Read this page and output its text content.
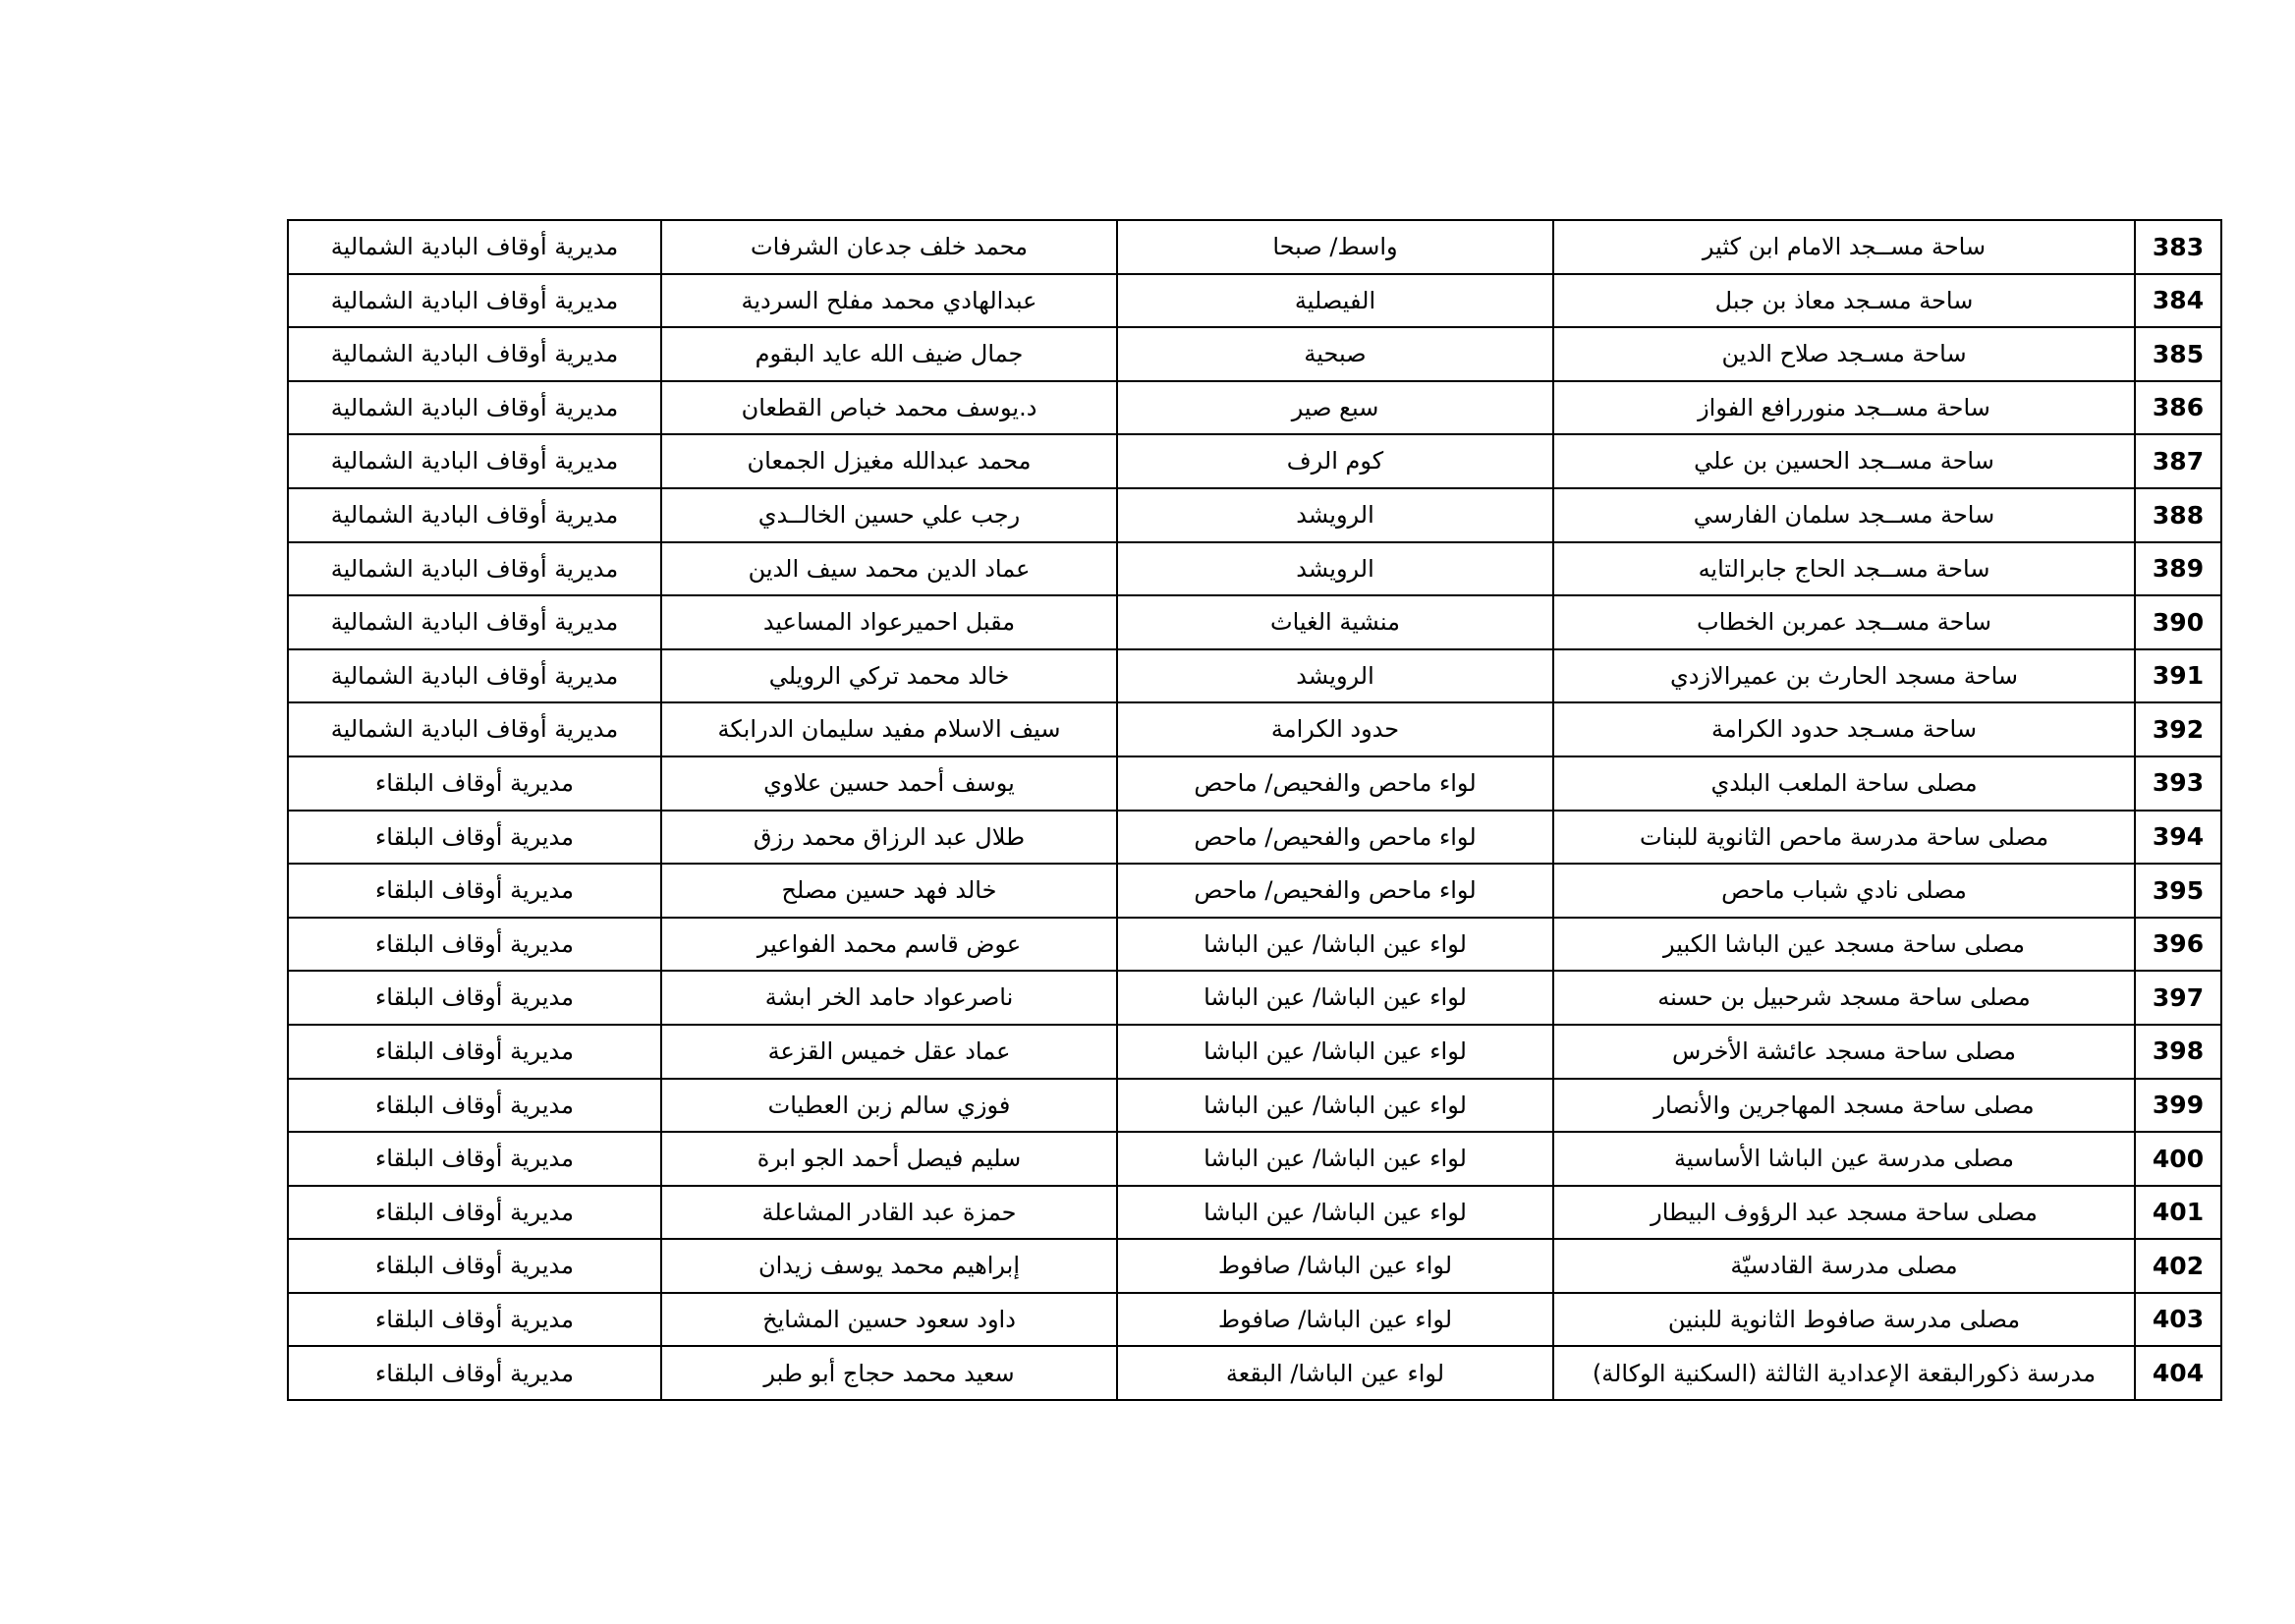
383	ساحة مســجد الامام ابن كثير	واسط/ صبحا	محمد خلف جدعان الشرفات	مديرية أوقاف البادية الشمالية
384	ساحة مسـجد معاذ بن جبل	الفيصلية	عبدالهادي محمد مفلح السردية	مديرية أوقاف البادية الشمالية
385	ساحة مسـجد صلاح الدين	صبحية	جمال ضيف الله عايد البقوم	مديرية أوقاف البادية الشمالية
386	ساحة مســجد منوررافع الفواز	سبع صير	د.يوسف محمد خباص القطعان	مديرية أوقاف البادية الشمالية
387	ساحة مســجد الحسين بن علي	كوم الرف	محمد عبدالله مغيزل الجمعان	مديرية أوقاف البادية الشمالية
388	ساحة مســجد سلمان الفارسي	الرويشد	رجب علي حسين الخالــدي	مديرية أوقاف البادية الشمالية
389	ساحة مســجد الحاج جابرالتايه	الرويشد	عماد الدين محمد سيف الدين	مديرية أوقاف البادية الشمالية
390	ساحة مســجد عمربن الخطاب	منشية الغياث	مقبل احميرعواد المساعيد	مديرية أوقاف البادية الشمالية
391	ساحة مسجد الحارث بن عميرالازدي	الرويشد	خالد محمد تركي الرويلي	مديرية أوقاف البادية الشمالية
392	ساحة مسـجد حدود الكرامة	حدود الكرامة	سيف الاسلام مفيد سليمان الدرابكة	مديرية أوقاف البادية الشمالية
393	مصلى ساحة الملعب البلدي	لواء ماحص والفحيص/ ماحص	يوسف أحمد حسين علاوي	مديرية أوقاف البلقاء
394	مصلى ساحة مدرسة ماحص الثانوية للبنات	لواء ماحص والفحيص/ ماحص	طلال عبد الرزاق محمد رزق	مديرية أوقاف البلقاء
395	مصلى نادي شباب ماحص	لواء ماحص والفحيص/ ماحص	خالد فهد حسين مصلح	مديرية أوقاف البلقاء
396	مصلى ساحة مسجد عين الباشا الكبير	لواء عين الباشا/ عين الباشا	عوض قاسم محمد الفواعير	مديرية أوقاف البلقاء
397	مصلى ساحة مسجد شرحبيل بن حسنه	لواء عين الباشا/ عين الباشا	ناصرعواد حامد الخر ابشة	مديرية أوقاف البلقاء
398	مصلى ساحة مسجد عائشة الأخرس	لواء عين الباشا/ عين الباشا	عماد عقل خميس القزعة	مديرية أوقاف البلقاء
399	مصلى ساحة مسجد المهاجرين والأنصار	لواء عين الباشا/ عين الباشا	فوزي سالم زبن العطيات	مديرية أوقاف البلقاء
400	مصلى مدرسة عين الباشا الأساسية	لواء عين الباشا/ عين الباشا	سليم فيصل أحمد الجو ابرة	مديرية أوقاف البلقاء
401	مصلى ساحة مسجد عبد الرؤوف البيطار	لواء عين الباشا/ عين الباشا	حمزة عبد القادر المشاعلة	مديرية أوقاف البلقاء
402	مصلى مدرسة القادسيّة	لواء عين الباشا/ صافوط	إبراهيم محمد يوسف زيدان	مديرية أوقاف البلقاء
403	مصلى مدرسة صافوط الثانوية للبنين	لواء عين الباشا/ صافوط	داود سعود حسين المشايخ	مديرية أوقاف البلقاء
404	مدرسة ذكورالبقعة الإعدادية الثالثة (السكنية الوكالة)	لواء عين الباشا/ البقعة	سعيد محمد حجاج أبو طبر	مديرية أوقاف البلقاء
